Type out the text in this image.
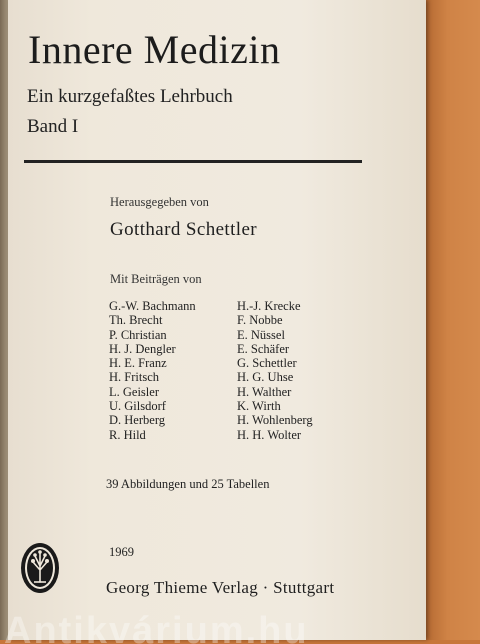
Innere Medizin
Ein kurzgefaßtes Lehrbuch
Band I
Herausgegeben von
Gotthard Schettler
Mit Beiträgen von
G.-W. Bachmann
Th. Brecht
P. Christian
H. J. Dengler
H. E. Franz
H. Fritsch
L. Geisler
U. Gilsdorf
D. Herberg
R. Hild
H.-J. Krecke
F. Nobbe
E. Nüssel
E. Schäfer
G. Schettler
H. G. Uhse
H. Walther
K. Wirth
H. Wohlenberg
H. H. Wolter
39 Abbildungen und 25 Tabellen
1969
Georg Thieme Verlag · Stuttgart
Antikvárium.hu
